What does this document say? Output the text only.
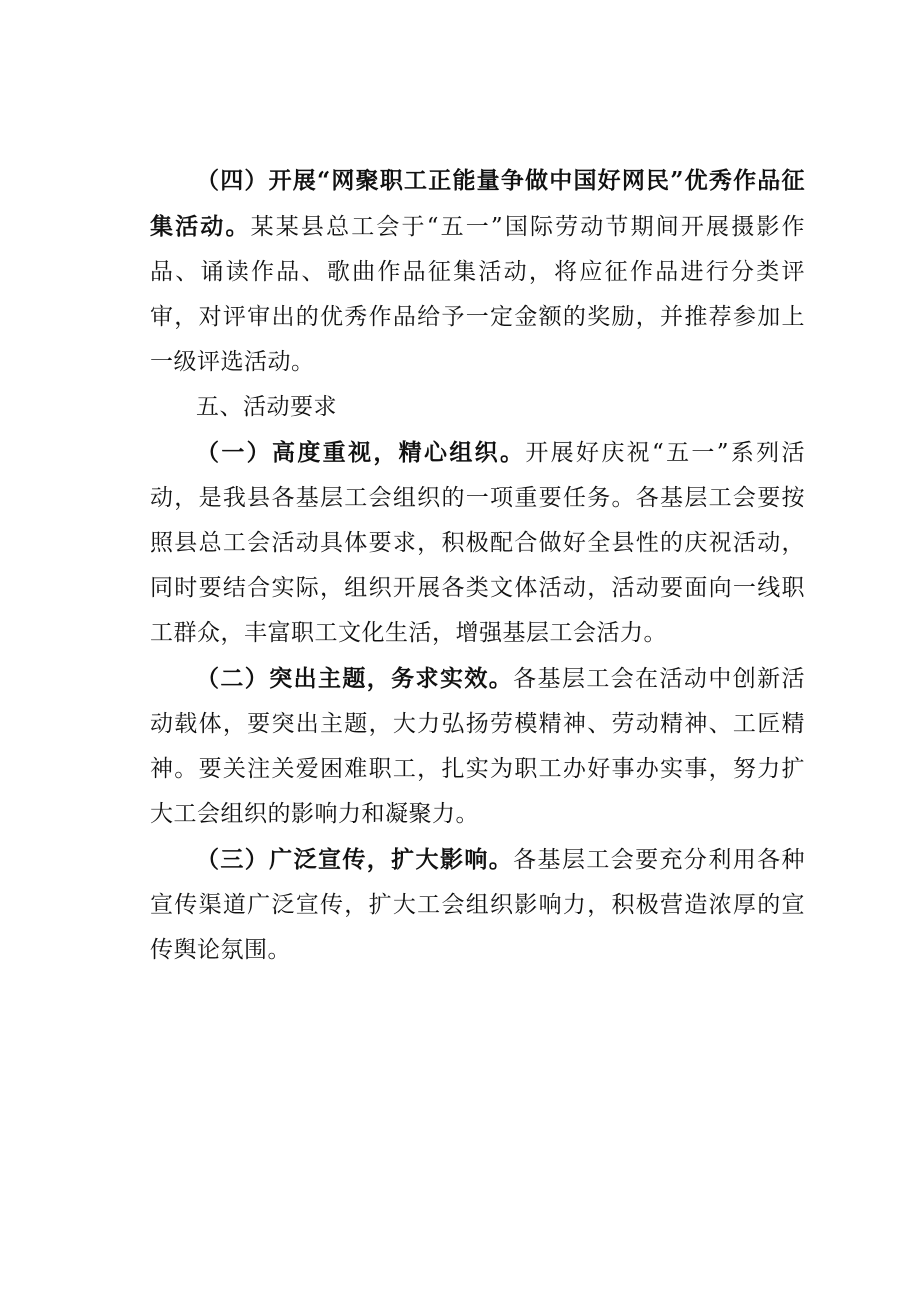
（四）开展“网聚职工正能量争做中国好网民”优秀作品征集活动。某某县总工会于“五一”国际劳动节期间开展摄影作品、诵读作品、歌曲作品征集活动，将应征作品进行分类评审，对评审出的优秀作品给予一定金额的奖励，并推荐参加上一级评选活动。

五、活动要求

（一）高度重视，精心组织。开展好庆祝“五一”系列活动，是我县各基层工会组织的一项重要任务。各基层工会要按照县总工会活动具体要求，积极配合做好全县性的庆祝活动，同时要结合实际，组织开展各类文体活动，活动要面向一线职工群众，丰富职工文化生活，增强基层工会活力。

（二）突出主题，务求实效。各基层工会在活动中创新活动载体，要突出主题，大力弘扬劳模精神、劳动精神、工匠精神。要关注关爱困难职工，扎实为职工办好事办实事，努力扩大工会组织的影响力和凝聚力。

（三）广泛宣传，扩大影响。各基层工会要充分利用各种宣传渠道广泛宣传，扩大工会组织影响力，积极营造浓厚的宣传舆论氛围。
